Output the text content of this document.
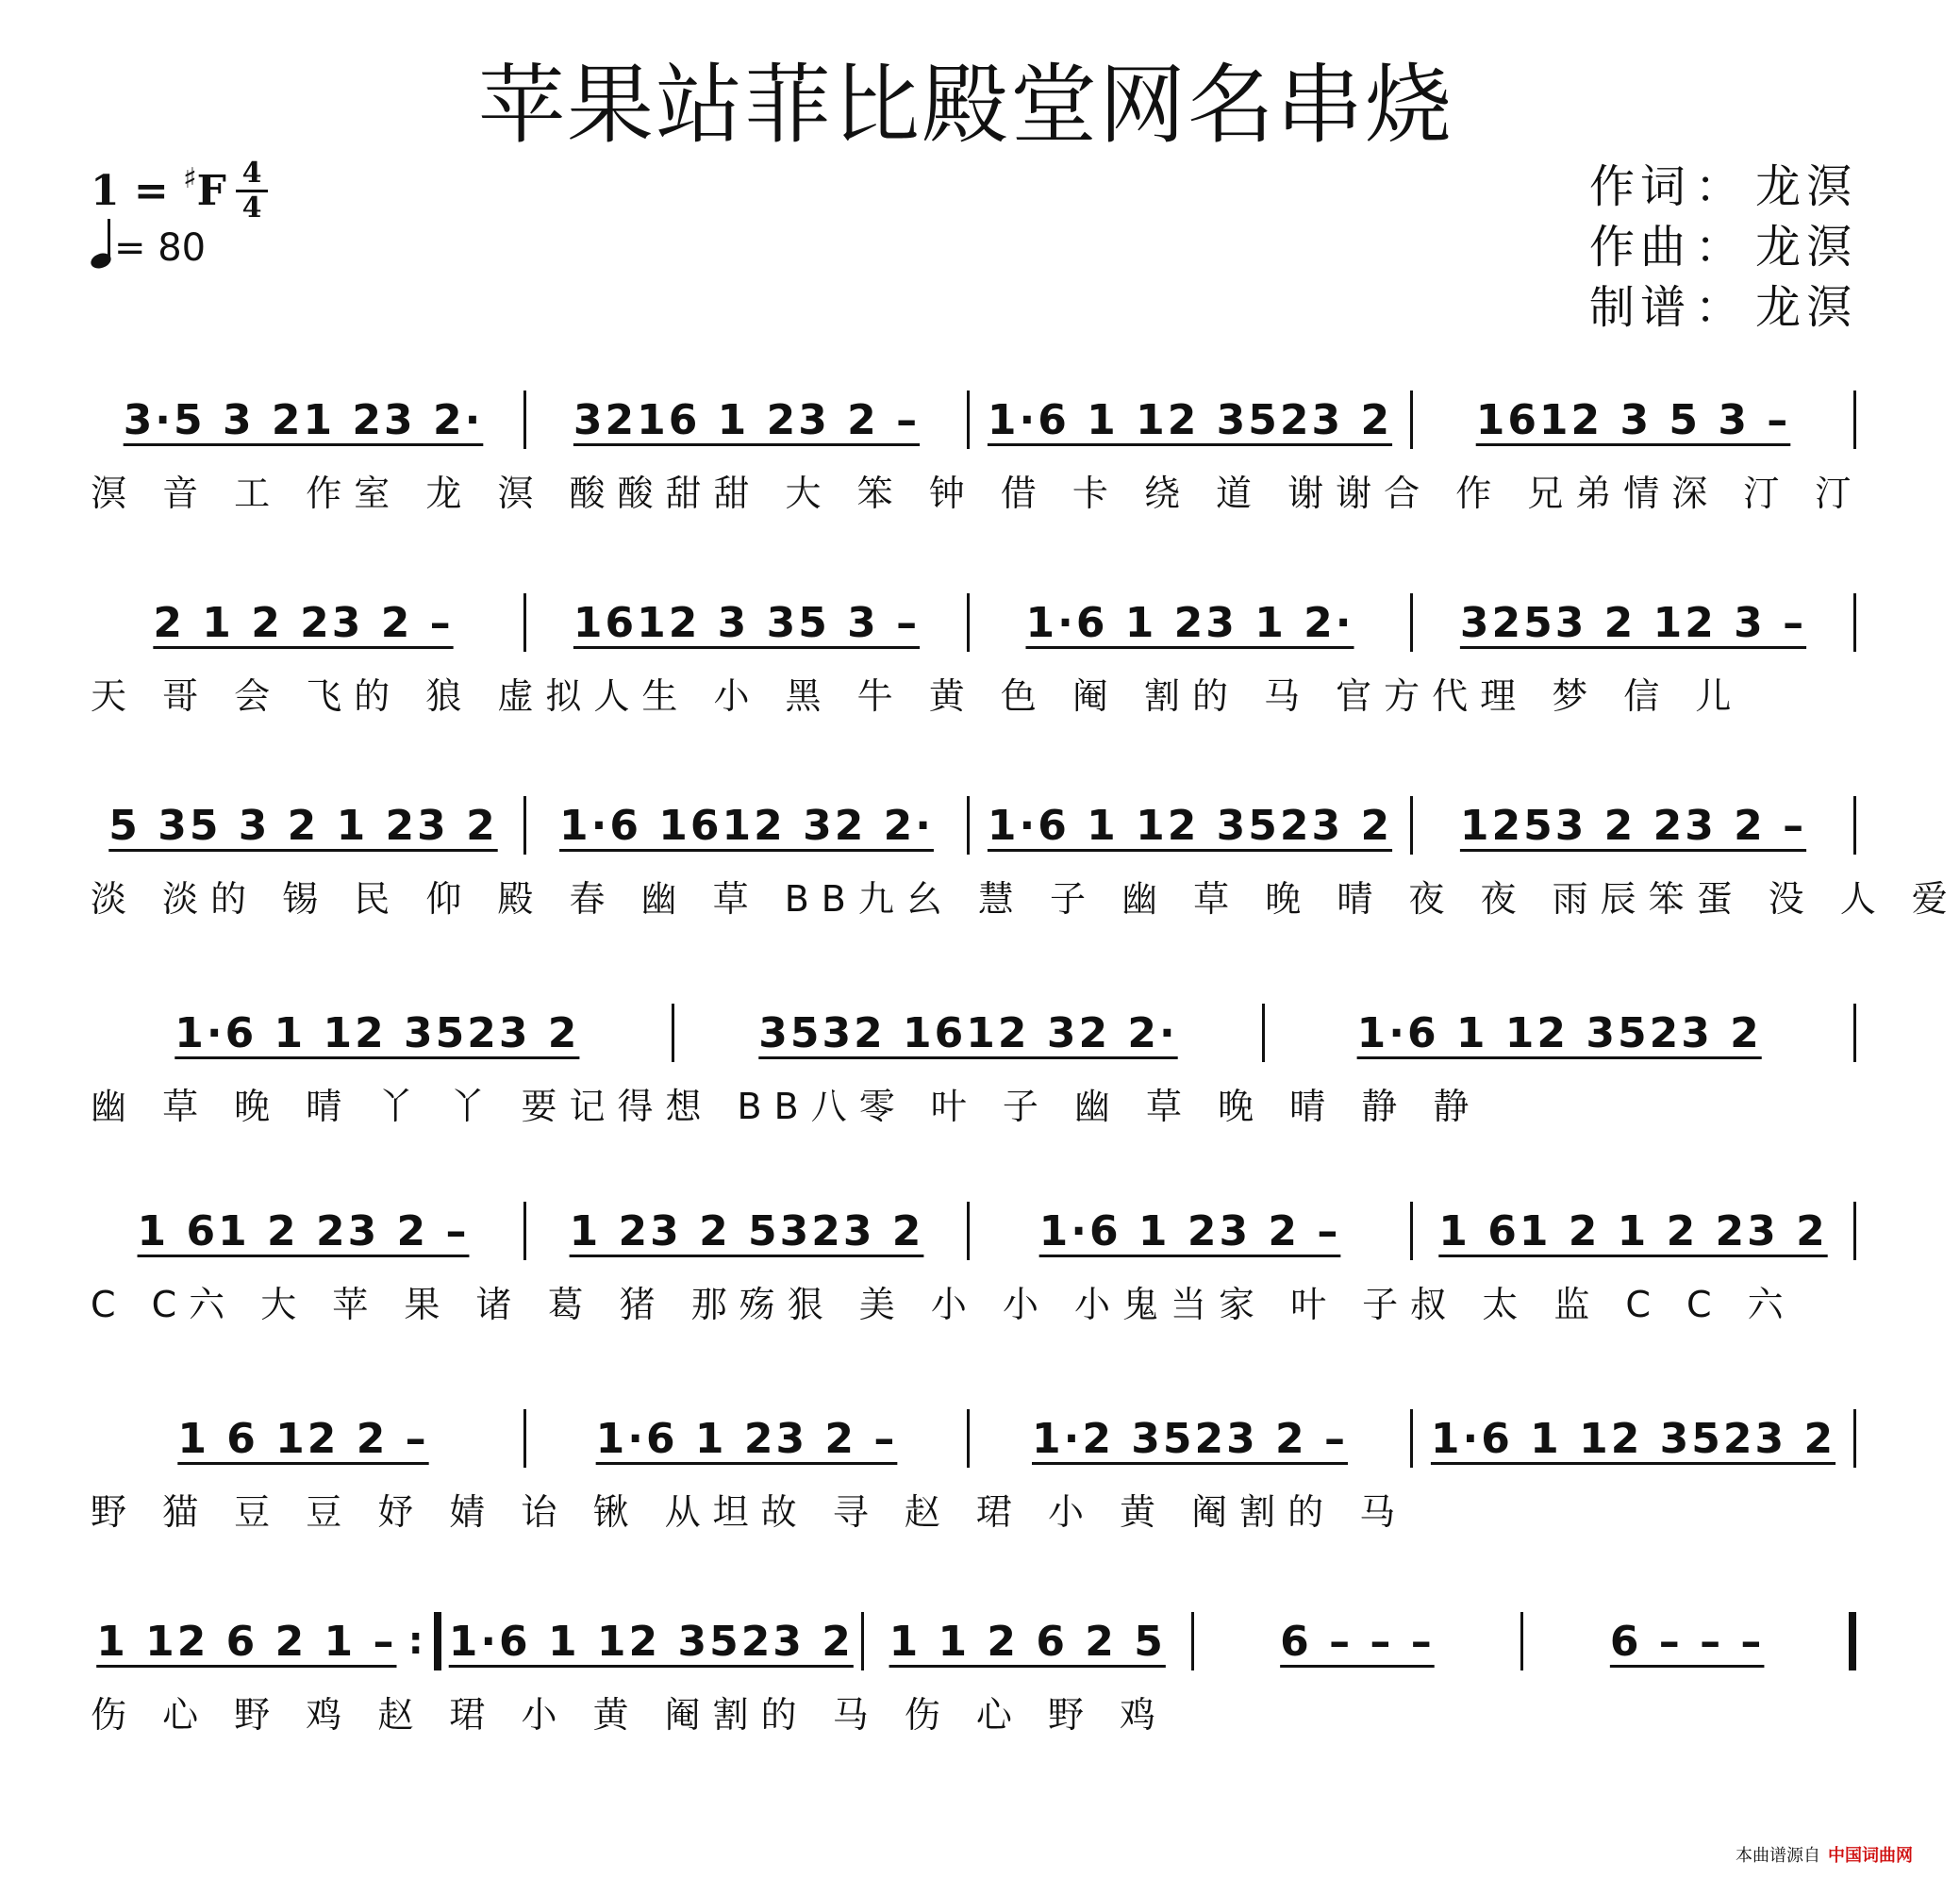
苹果站菲比殿堂网名串烧
1 = ♯F 4
4
= 80
作词： 龙溟
作曲： 龙溟
制谱： 龙溟
3·5 3 21 23 2·	3216 1 23 2 –	1·6 1 12 3523 2	1612 3 5 3 –
溟 音 工 作室 龙 溟 酸酸甜甜 大 笨 钟 借 卡 绕 道 谢谢合 作 兄弟情深 汀 汀
2 1 2 23 2 –	1612 3 35 3 –	1·6 1 23 1 2·	3253 2 12 3 –
天 哥 会 飞的 狼 虚拟人生 小 黑 牛 黄 色 阉 割的 马 官方代理 梦 信 儿
5 35 3 2 1 23 2	1·6 1612 32 2·	1·6 1 12 3523 2	1253 2 23 2 –
淡 淡的 锡 民 仰 殿 春 幽 草 BB九幺 慧 子 幽 草 晚 晴 夜 夜 雨辰笨蛋 没 人 爱
1·6 1 12 3523 2	3532 1612 32 2·	1·6 1 12 3523 2
幽 草 晚 晴 丫 丫 要记得想 BB八零 叶 子 幽 草 晚 晴 静 静
1 61 2 23 2 –	1 23 2 5323 2	1·6 1 23 2 –	1 61 2 1 2 23 2
C C六 大 苹 果 诸 葛 猪 那殇狠 美 小 小 小鬼当家 叶 子叔 太 监 C C 六
1 6 12 2 –	1·6 1 23 2 –	1·2 3523 2 –	1·6 1 12 3523 2
野 猫 豆 豆 妤 婧 诒 锹 从坦故 寻 赵 珺 小 黄 阉割的 马
1 12 6 2 1 – : 1·6 1 12 3523 2 1 1 2 6 2 5	6 – – –	6 – – –
伤 心 野 鸡 赵 珺 小 黄 阉割的 马 伤 心 野 鸡
本曲谱源自 中国词曲网
